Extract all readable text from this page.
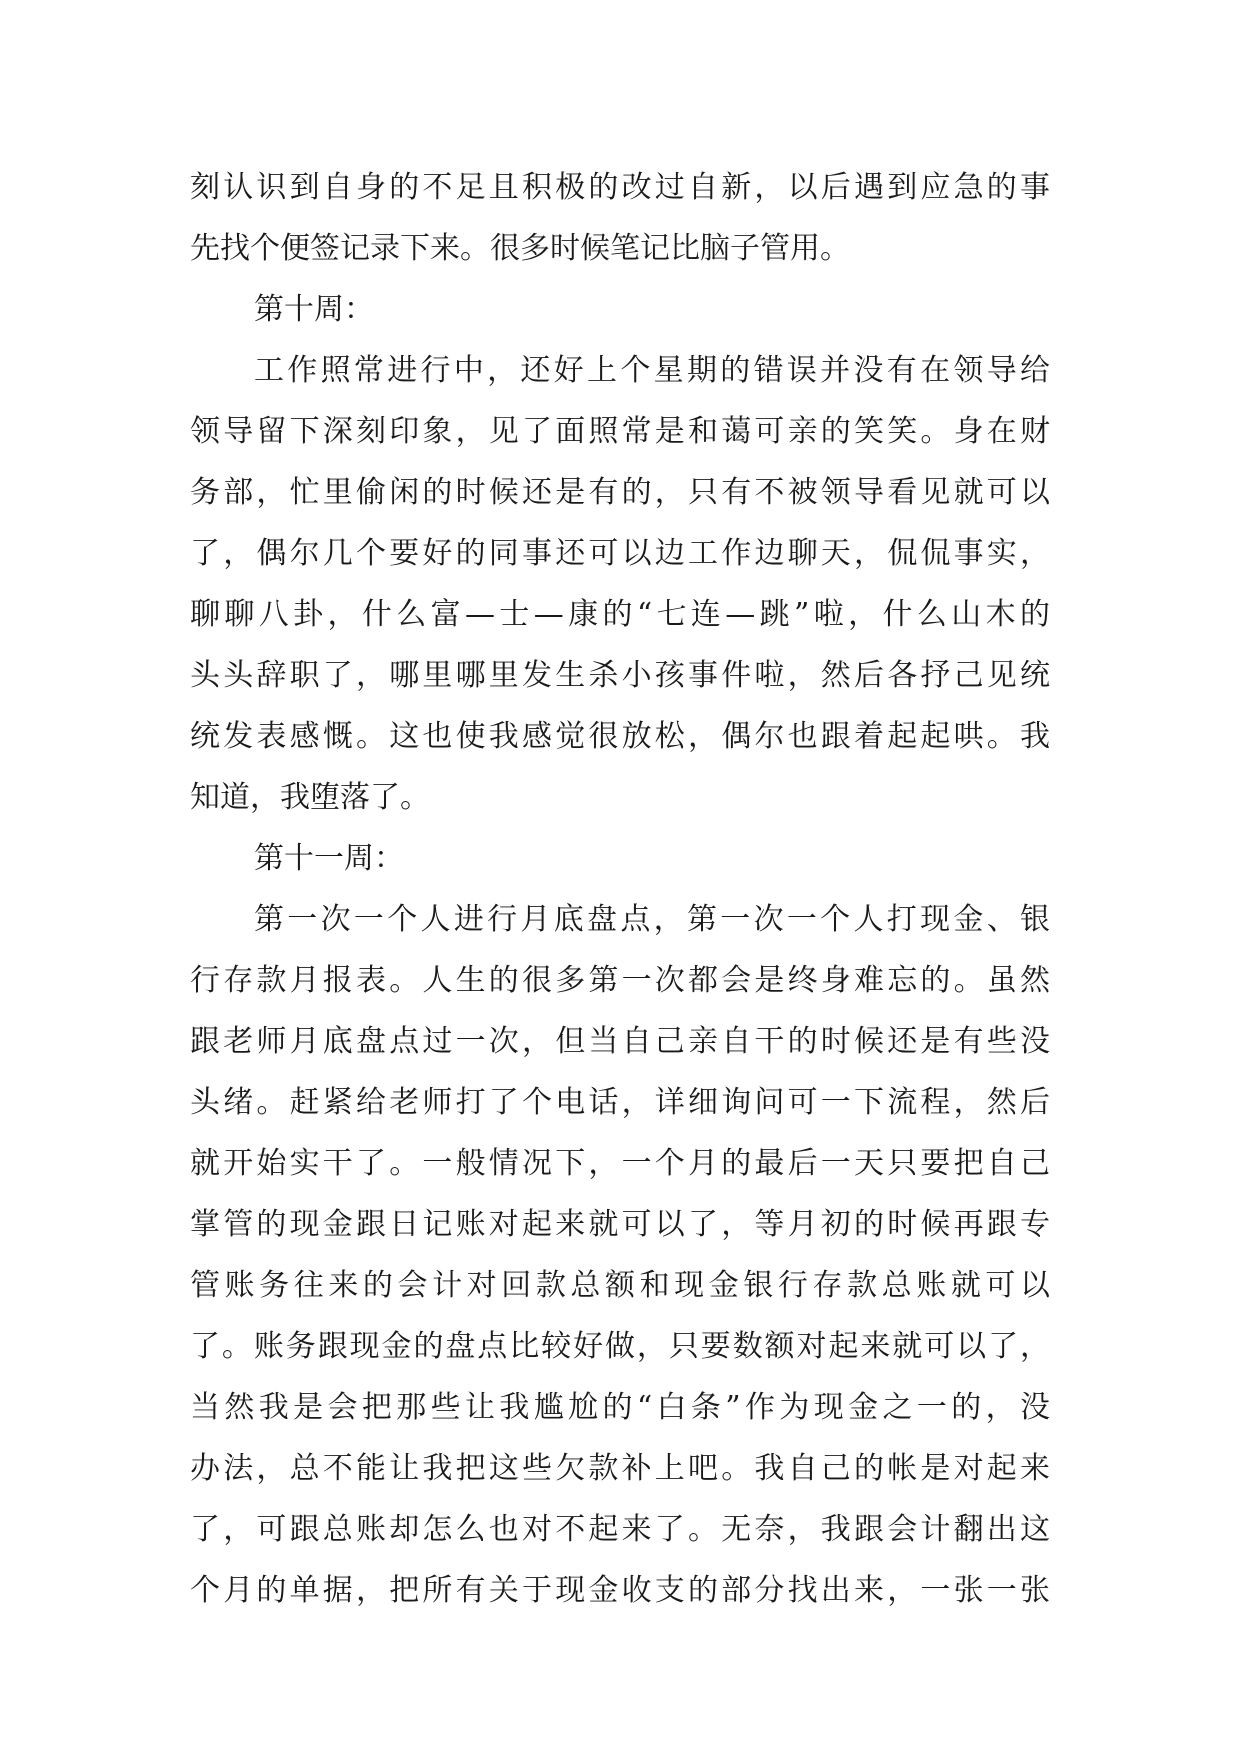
刻认识到自身的不足且积极的改过自新，以后遇到应急的事
先找个便签记录下来。很多时候笔记比脑子管用。
第十周：
工作照常进行中，还好上个星期的错误并没有在领导给
领导留下深刻印象，见了面照常是和蔼可亲的笑笑。身在财
务部，忙里偷闲的时候还是有的，只有不被领导看见就可以
了，偶尔几个要好的同事还可以边工作边聊天，侃侃事实，
聊聊八卦，什么富—士—康的“七连—跳”啦，什么山木的
头头辞职了，哪里哪里发生杀小孩事件啦，然后各抒己见统
统发表感慨。这也使我感觉很放松，偶尔也跟着起起哄。我
知道，我堕落了。
第十一周：
第一次一个人进行月底盘点，第一次一个人打现金、银
行存款月报表。人生的很多第一次都会是终身难忘的。虽然
跟老师月底盘点过一次，但当自己亲自干的时候还是有些没
头绪。赶紧给老师打了个电话，详细询问可一下流程，然后
就开始实干了。一般情况下，一个月的最后一天只要把自己
掌管的现金跟日记账对起来就可以了，等月初的时候再跟专
管账务往来的会计对回款总额和现金银行存款总账就可以
了。账务跟现金的盘点比较好做，只要数额对起来就可以了，
当然我是会把那些让我尴尬的“白条”作为现金之一的，没
办法，总不能让我把这些欠款补上吧。我自己的帐是对起来
了，可跟总账却怎么也对不起来了。无奈，我跟会计翻出这
个月的单据，把所有关于现金收支的部分找出来，一张一张
